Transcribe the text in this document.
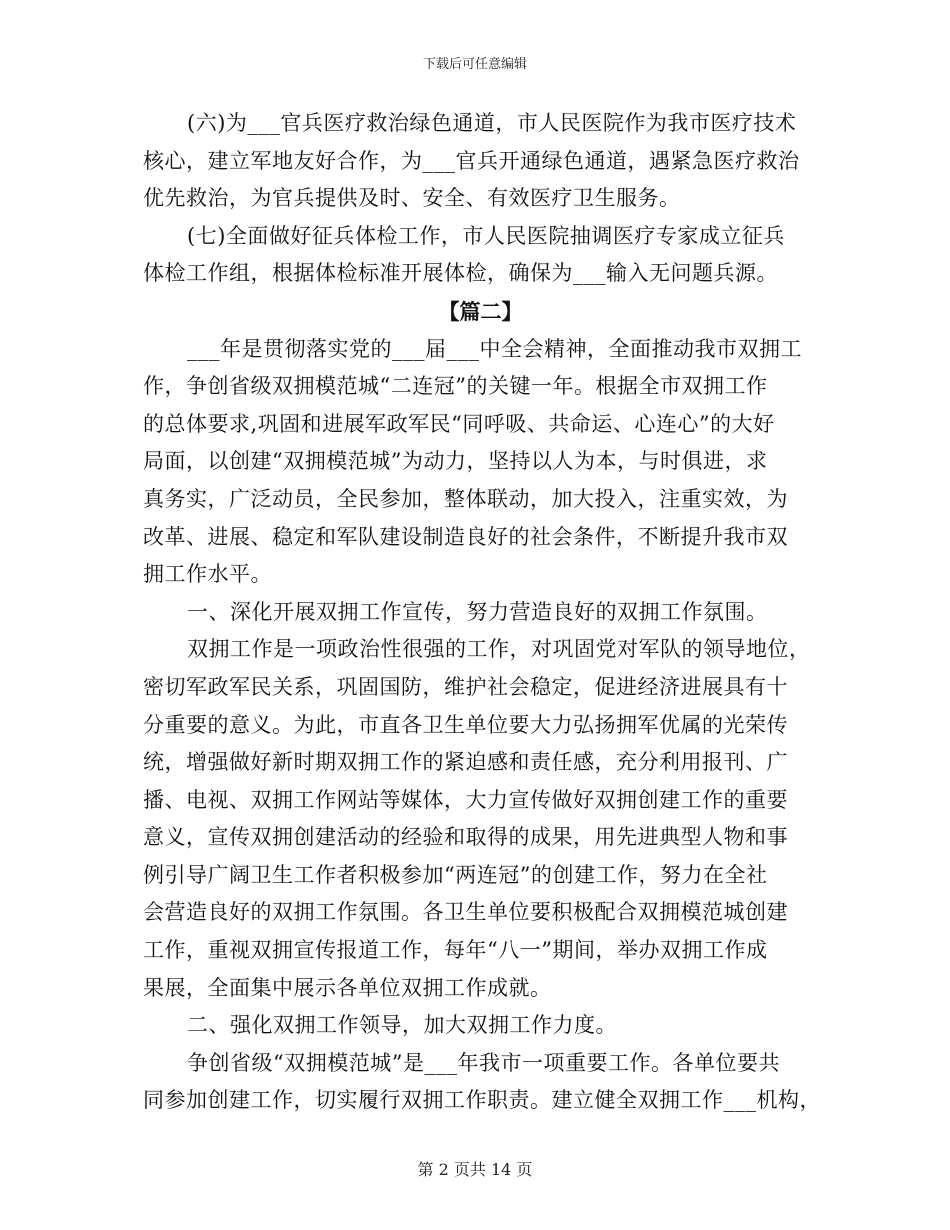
下载后可任意编辑
(六)为___官兵医疗救治绿色通道，市人民医院作为我市医疗技术
核心，建立军地友好合作，为___官兵开通绿色通道，遇紧急医疗救治
优先救治，为官兵提供及时、安全、有效医疗卫生服务。
(七)全面做好征兵体检工作，市人民医院抽调医疗专家成立征兵
体检工作组，根据体检标准开展体检，确保为___输入无问题兵源。
【篇二】
___年是贯彻落实党的___届___中全会精神，全面推动我市双拥工
作，争创省级双拥模范城“二连冠”的关键一年。根据全市双拥工作
的总体要求,巩固和进展军政军民“同呼吸、共命运、心连心”的大好
局面，以创建“双拥模范城”为动力，坚持以人为本，与时俱进，求
真务实，广泛动员，全民参加，整体联动，加大投入，注重实效，为
改革、进展、稳定和军队建设制造良好的社会条件，不断提升我市双
拥工作水平。
一、深化开展双拥工作宣传，努力营造良好的双拥工作氛围。
双拥工作是一项政治性很强的工作，对巩固党对军队的领导地位，
密切军政军民关系，巩固国防，维护社会稳定，促进经济进展具有十
分重要的意义。为此，市直各卫生单位要大力弘扬拥军优属的光荣传
统，增强做好新时期双拥工作的紧迫感和责任感，充分利用报刊、广
播、电视、双拥工作网站等媒体，大力宣传做好双拥创建工作的重要
意义，宣传双拥创建活动的经验和取得的成果，用先进典型人物和事
例引导广阔卫生工作者积极参加“两连冠”的创建工作，努力在全社
会营造良好的双拥工作氛围。各卫生单位要积极配合双拥模范城创建
工作，重视双拥宣传报道工作，每年“八一”期间，举办双拥工作成
果展，全面集中展示各单位双拥工作成就。
二、强化双拥工作领导，加大双拥工作力度。
争创省级“双拥模范城”是___年我市一项重要工作。各单位要共
同参加创建工作，切实履行双拥工作职责。建立健全双拥工作___机构，
第 2 页共 14 页
